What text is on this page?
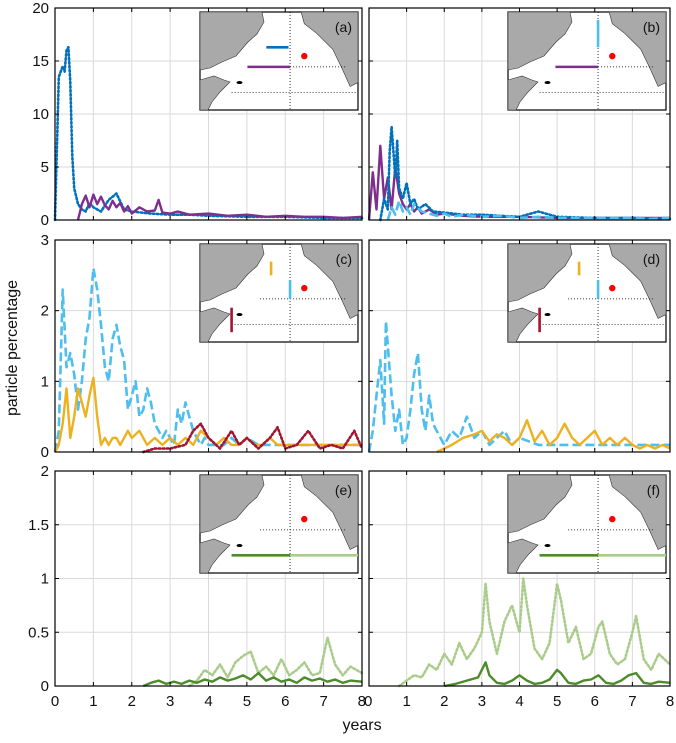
0
5
10
15
20
(a)	(b)
0
1
2
3
(c)	(d)
0
0.5
1
1.5
2
0 1 2 3 4 5 6 7 8
(e)
0 1 2 3 4 5 6 7 8
(f)
particle percentage
years
